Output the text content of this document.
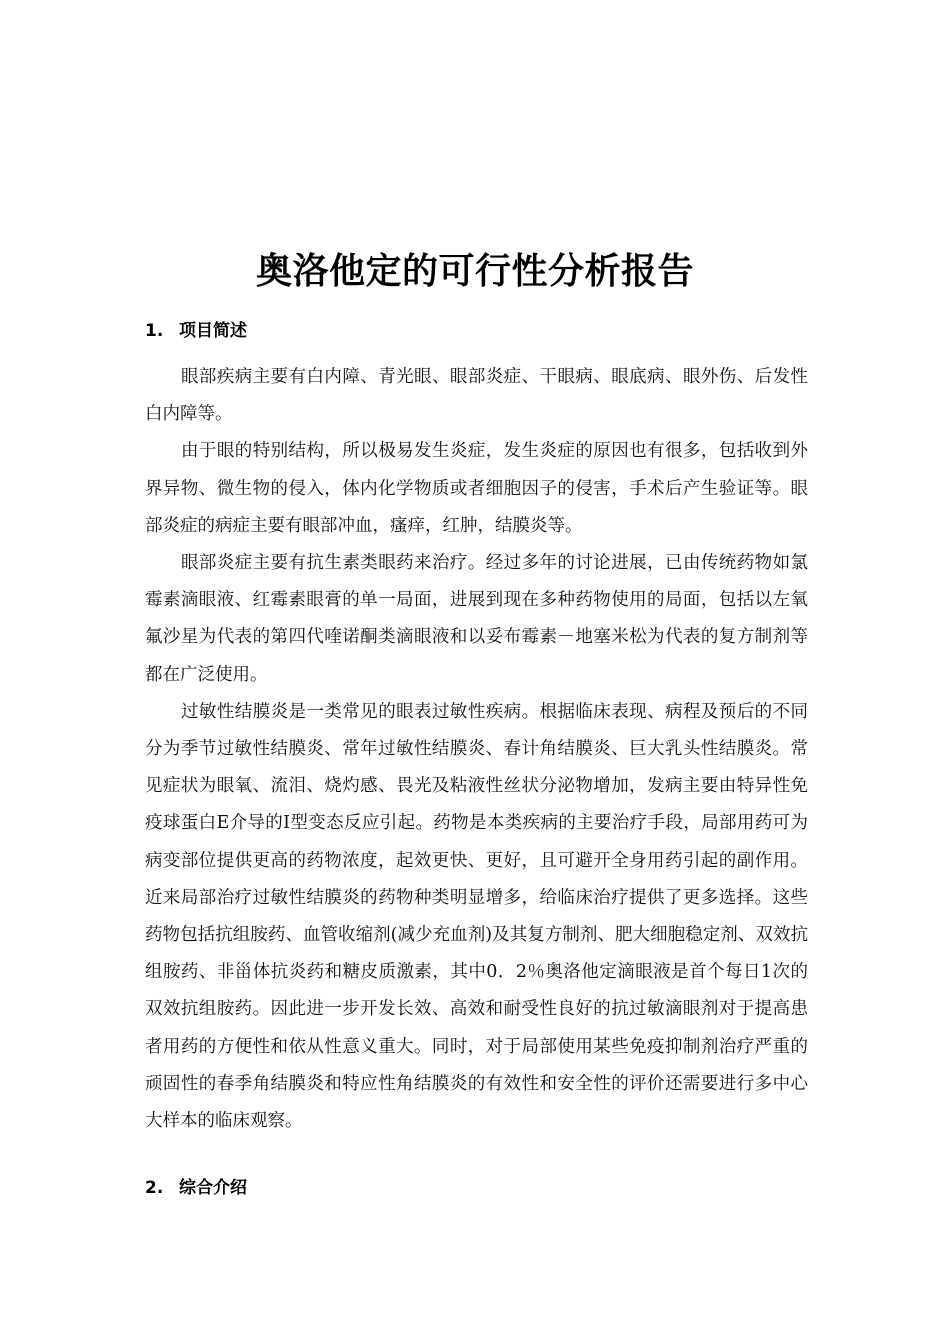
奥洛他定的可行性分析报告
1. 项目简述

眼部疾病主要有白内障、青光眼、眼部炎症、干眼病、眼底病、眼外伤、后发性白内障等。

由于眼的特别结构，所以极易发生炎症，发生炎症的原因也有很多，包括收到外界异物、微生物的侵入，体内化学物质或者细胞因子的侵害，手术后产生验证等。眼部炎症的病症主要有眼部冲血，瘙痒，红肿，结膜炎等。

眼部炎症主要有抗生素类眼药来治疗。经过多年的讨论进展，已由传统药物如氯霉素滴眼液、红霉素眼膏的单一局面，进展到现在多种药物使用的局面，包括以左氧氟沙星为代表的第四代喹诺酮类滴眼液和以妥布霉素－地塞米松为代表的复方制剂等都在广泛使用。

过敏性结膜炎是一类常见的眼表过敏性疾病。根据临床表现、病程及预后的不同分为季节过敏性结膜炎、常年过敏性结膜炎、春计角结膜炎、巨大乳头性结膜炎。常见症状为眼氧、流泪、烧灼感、畏光及粘液性丝状分泌物增加，发病主要由特异性免疫球蛋白E介导的I型变态反应引起。药物是本类疾病的主要治疗手段，局部用药可为病变部位提供更高的药物浓度，起效更快、更好，且可避开全身用药引起的副作用。近来局部治疗过敏性结膜炎的药物种类明显增多，给临床治疗提供了更多选择。这些药物包括抗组胺药、血管收缩剂(减少充血剂)及其复方制剂、肥大细胞稳定剂、双效抗组胺药、非甾体抗炎药和糖皮质激素，其中0．2％奥洛他定滴眼液是首个每日1次的双效抗组胺药。因此进一步开发长效、高效和耐受性良好的抗过敏滴眼剂对于提高患者用药的方便性和依从性意义重大。同时，对于局部使用某些免疫抑制剂治疗严重的顽固性的春季角结膜炎和特应性角结膜炎的有效性和安全性的评价还需要进行多中心大样本的临床观察。

2. 综合介绍
